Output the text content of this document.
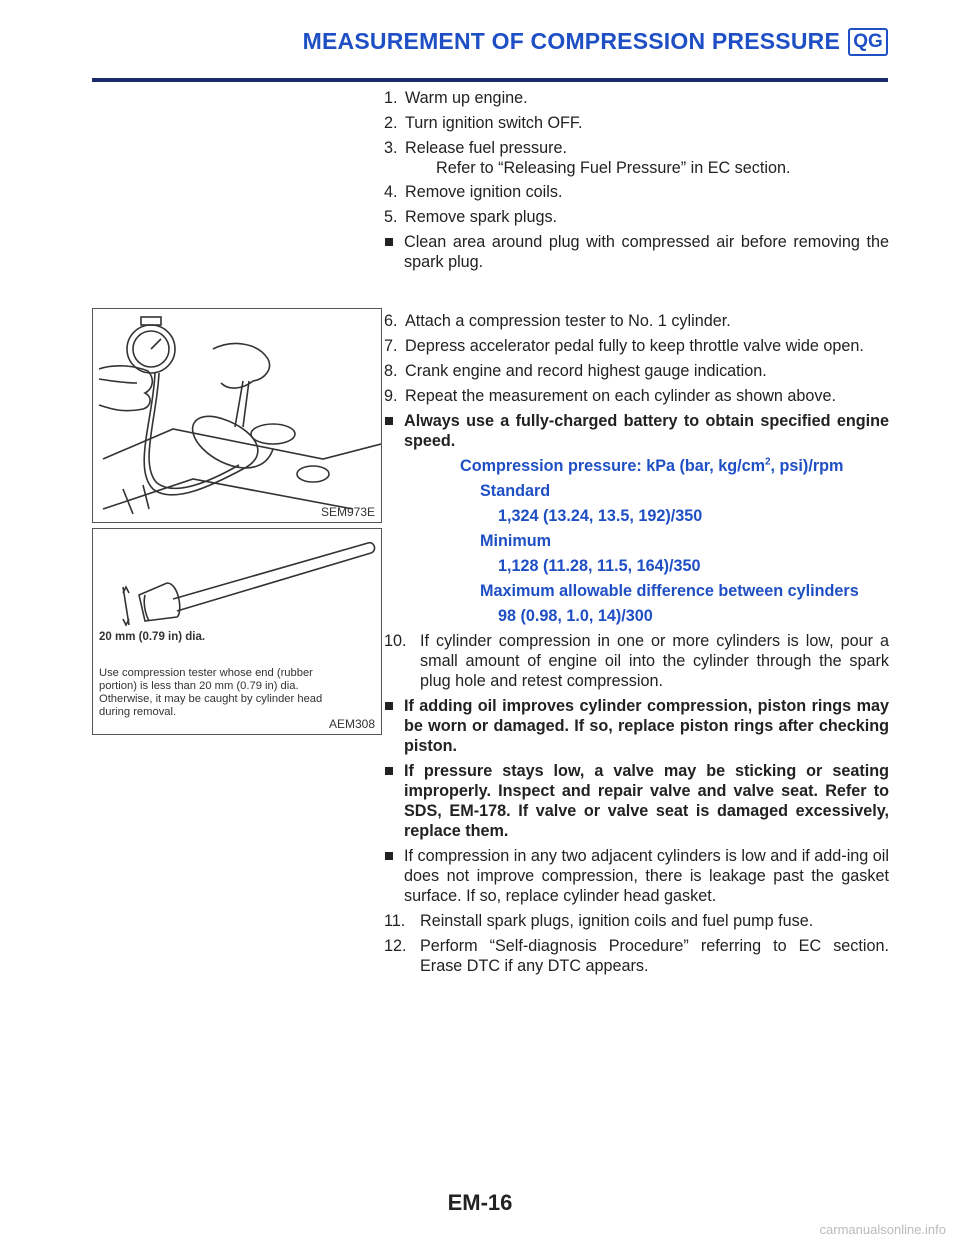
MEASUREMENT OF COMPRESSION PRESSURE QG
1. Warm up engine.
2. Turn ignition switch OFF.
3. Release fuel pressure.
Refer to “Releasing Fuel Pressure” in EC section.
4. Remove ignition coils.
5. Remove spark plugs.
Clean area around plug with compressed air before removing the spark plug.
6. Attach a compression tester to No. 1 cylinder.
7. Depress accelerator pedal fully to keep throttle valve wide open.
8. Crank engine and record highest gauge indication.
9. Repeat the measurement on each cylinder as shown above.
Always use a fully-charged battery to obtain specified engine speed.
Compression pressure: kPa (bar, $kg/cm^2$, psi)/rpm
Standard
1,324 (13.24, 13.5, 192)/350
Minimum
1,128 (11.28, 11.5, 164)/350
Maximum allowable difference between cylinders
98 (0.98, 1.0, 14)/300
10. If cylinder compression in one or more cylinders is low, pour a small amount of engine oil into the cylinder through the spark plug hole and retest compression.
If adding oil improves cylinder compression, piston rings may be worn or damaged. If so, replace piston rings after checking piston.
If pressure stays low, a valve may be sticking or seating improperly. Inspect and repair valve and valve seat. Refer to SDS, EM-178. If valve or valve seat is damaged excessively, replace them.
If compression in any two adjacent cylinders is low and if add-ing oil does not improve compression, there is leakage past the gasket surface. If so, replace cylinder head gasket.
11. Reinstall spark plugs, ignition coils and fuel pump fuse.
12. Perform “Self-diagnosis Procedure” referring to EC section. Erase DTC if any DTC appears.
SEM973E
20 mm (0.79 in) dia.
Use compression tester whose end (rubber portion) is less than 20 mm (0.79 in) dia. Otherwise, it may be caught by cylinder head during removal.
AEM308
EM-16
carmanualsonline.info
